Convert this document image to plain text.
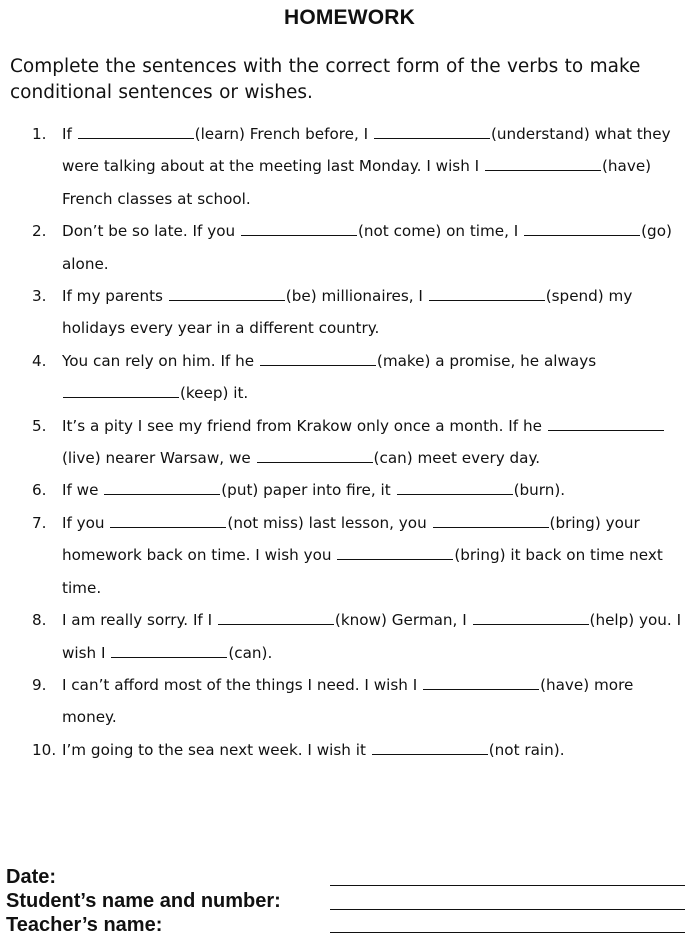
HOMEWORK
Complete the sentences with the correct form of the verbs to make conditional sentences or wishes.
1. If	(learn) French before, I	(understand) what they were talking about at the meeting last Monday. I wish I	(have) French classes at school.
2. Don’t be so late. If you	(not come) on time, I	(go) alone.
3. If my parents	(be) millionaires, I	(spend) my holidays every year in a different country.
4. You can rely on him. If he	(make) a promise, he always (keep) it.
5. It’s a pity I see my friend from Krakow only once a month. If he (live) nearer Warsaw, we	(can) meet every day.
6. If we	(put) paper into fire, it	(burn).
7. If you	(not miss) last lesson, you	(bring) your homework back on time. I wish you	(bring) it back on time next time.
8. I am really sorry. If I	(know) German, I	(help) you. I wish I	(can).
9. I can’t afford most of the things I need. I wish I	(have) more money.
10. I’m going to the sea next week. I wish it	(not rain).
Date:
Student’s name and number:
Teacher’s name:
